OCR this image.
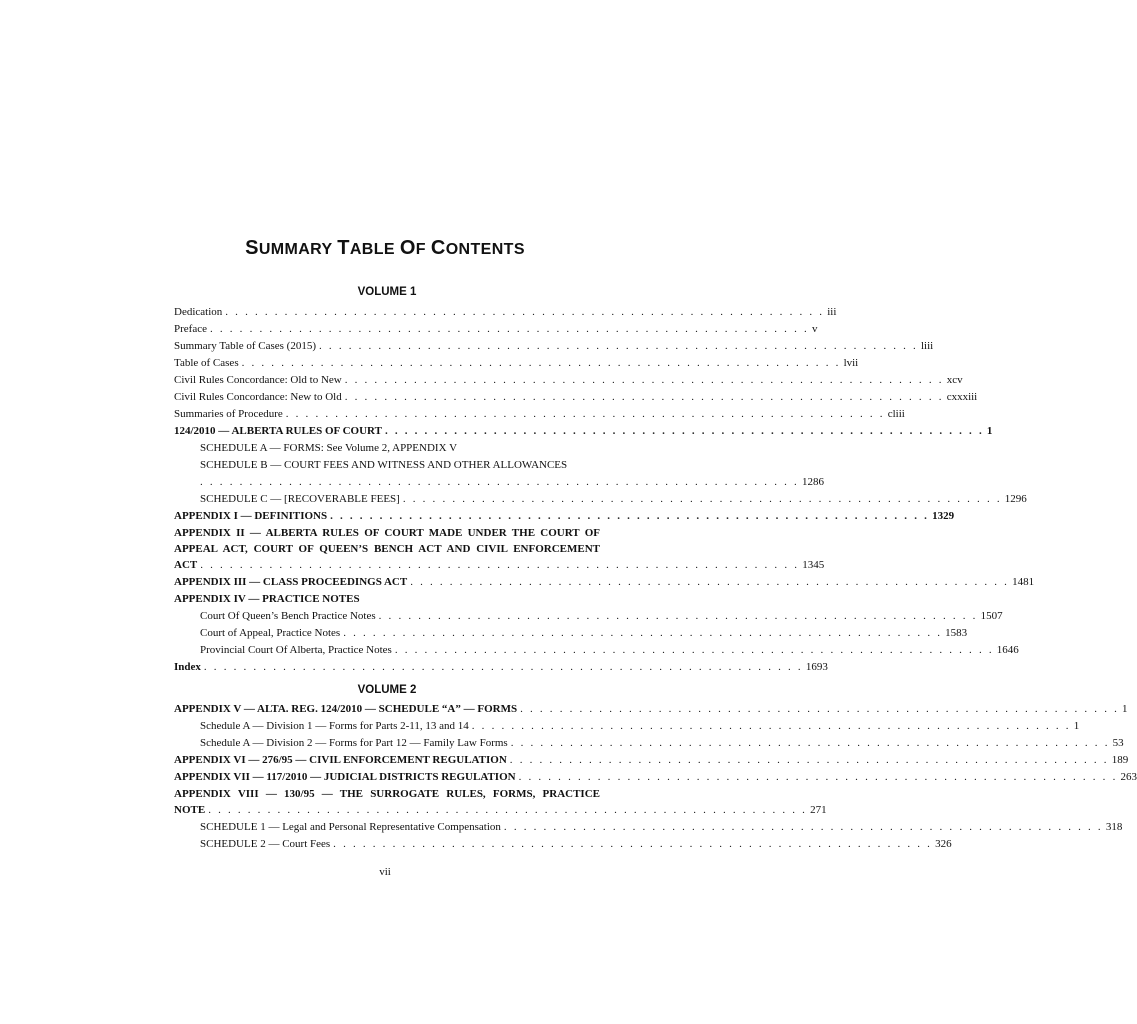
SUMMARY TABLE OF CONTENTS
VOLUME 1
Dedication . . . . . . . . . . . . . . . . . . . . . . . . . . . . . . . . . . . . . . . . . . . . . . . . . . . . . . . . . . . . . iii
Preface . . . . . . . . . . . . . . . . . . . . . . . . . . . . . . . . . . . . . . . . . . . . . . . . . . . . . . . . . . . . . v
Summary Table of Cases (2015) . . . . . . . . . . . . . . . . . . . . . . . . . . . . . . . . . . . . . . . . . . . . . . . . . . . . . . . . . . . . . liii
Table of Cases . . . . . . . . . . . . . . . . . . . . . . . . . . . . . . . . . . . . . . . . . . . . . . . . . . . . . . . . . . . . . lvii
Civil Rules Concordance: Old to New . . . . . . . . . . . . . . . . . . . . . . . . . . . . . . . . . . . . . . . . . . . . . . . . . . . . . . . . . . . . . xcv
Civil Rules Concordance: New to Old . . . . . . . . . . . . . . . . . . . . . . . . . . . . . . . . . . . . . . . . . . . . . . . . . . . . . . . . . . . . . cxxxiii
Summaries of Procedure . . . . . . . . . . . . . . . . . . . . . . . . . . . . . . . . . . . . . . . . . . . . . . . . . . . . . . . . . . . . . cliii
124/2010 — ALBERTA RULES OF COURT . . . . . . . . . . . . . . . . . . . . . . . . . . . . . . . . . . . . . . . . . . . . . . . . . . . . . . . . . . . . . 1
SCHEDULE A — FORMS: See Volume 2, APPENDIX V
SCHEDULE B — COURT FEES AND WITNESS AND OTHER ALLOWANCES
. . . . . . . . . . . . . . . . . . . . . . . . . . . . . . . . . . . . . . . . . . . . . . . . . . . . . . . . . . . . . 1286
SCHEDULE C — [RECOVERABLE FEES] . . . . . . . . . . . . . . . . . . . . . . . . . . . . . . . . . . . . . . . . . . . . . . . . . . . . . . . . . . . . . 1296
APPENDIX I — DEFINITIONS . . . . . . . . . . . . . . . . . . . . . . . . . . . . . . . . . . . . . . . . . . . . . . . . . . . . . . . . . . . . . 1329
APPENDIX II — ALBERTA RULES OF COURT MADE UNDER THE COURT OF
APPEAL ACT, COURT OF QUEEN’S BENCH ACT AND CIVIL ENFORCEMENT
ACT . . . . . . . . . . . . . . . . . . . . . . . . . . . . . . . . . . . . . . . . . . . . . . . . . . . . . . . . . . . . . 1345
APPENDIX III — CLASS PROCEEDINGS ACT . . . . . . . . . . . . . . . . . . . . . . . . . . . . . . . . . . . . . . . . . . . . . . . . . . . . . . . . . . . . . 1481
APPENDIX IV — PRACTICE NOTES
Court Of Queen’s Bench Practice Notes . . . . . . . . . . . . . . . . . . . . . . . . . . . . . . . . . . . . . . . . . . . . . . . . . . . . . . . . . . . . . 1507
Court of Appeal, Practice Notes . . . . . . . . . . . . . . . . . . . . . . . . . . . . . . . . . . . . . . . . . . . . . . . . . . . . . . . . . . . . . 1583
Provincial Court Of Alberta, Practice Notes . . . . . . . . . . . . . . . . . . . . . . . . . . . . . . . . . . . . . . . . . . . . . . . . . . . . . . . . . . . . . 1646
Index . . . . . . . . . . . . . . . . . . . . . . . . . . . . . . . . . . . . . . . . . . . . . . . . . . . . . . . . . . . . . 1693
VOLUME 2
APPENDIX V — ALTA. REG. 124/2010 — SCHEDULE “A” — FORMS . . . . . . . . . . . . . . . . . . . . . . . . . . . . . . . . . . . . . . . . . . . . . . . . . . . . . . . . . . . . . 1
Schedule A — Division 1 — Forms for Parts 2-11, 13 and 14 . . . . . . . . . . . . . . . . . . . . . . . . . . . . . . . . . . . . . . . . . . . . . . . . . . . . . . . . . . . . . 1
Schedule A — Division 2 — Forms for Part 12 — Family Law Forms . . . . . . . . . . . . . . . . . . . . . . . . . . . . . . . . . . . . . . . . . . . . . . . . . . . . . . . . . . . . . 53
APPENDIX VI — 276/95 — CIVIL ENFORCEMENT REGULATION . . . . . . . . . . . . . . . . . . . . . . . . . . . . . . . . . . . . . . . . . . . . . . . . . . . . . . . . . . . . . 189
APPENDIX VII — 117/2010 — JUDICIAL DISTRICTS REGULATION . . . . . . . . . . . . . . . . . . . . . . . . . . . . . . . . . . . . . . . . . . . . . . . . . . . . . . . . . . . . . 263
APPENDIX VIII — 130/95 — THE SURROGATE RULES, FORMS, PRACTICE
NOTE . . . . . . . . . . . . . . . . . . . . . . . . . . . . . . . . . . . . . . . . . . . . . . . . . . . . . . . . . . . . . 271
SCHEDULE 1 — Legal and Personal Representative Compensation . . . . . . . . . . . . . . . . . . . . . . . . . . . . . . . . . . . . . . . . . . . . . . . . . . . . . . . . . . . . . 318
SCHEDULE 2 — Court Fees . . . . . . . . . . . . . . . . . . . . . . . . . . . . . . . . . . . . . . . . . . . . . . . . . . . . . . . . . . . . . 326
vii
